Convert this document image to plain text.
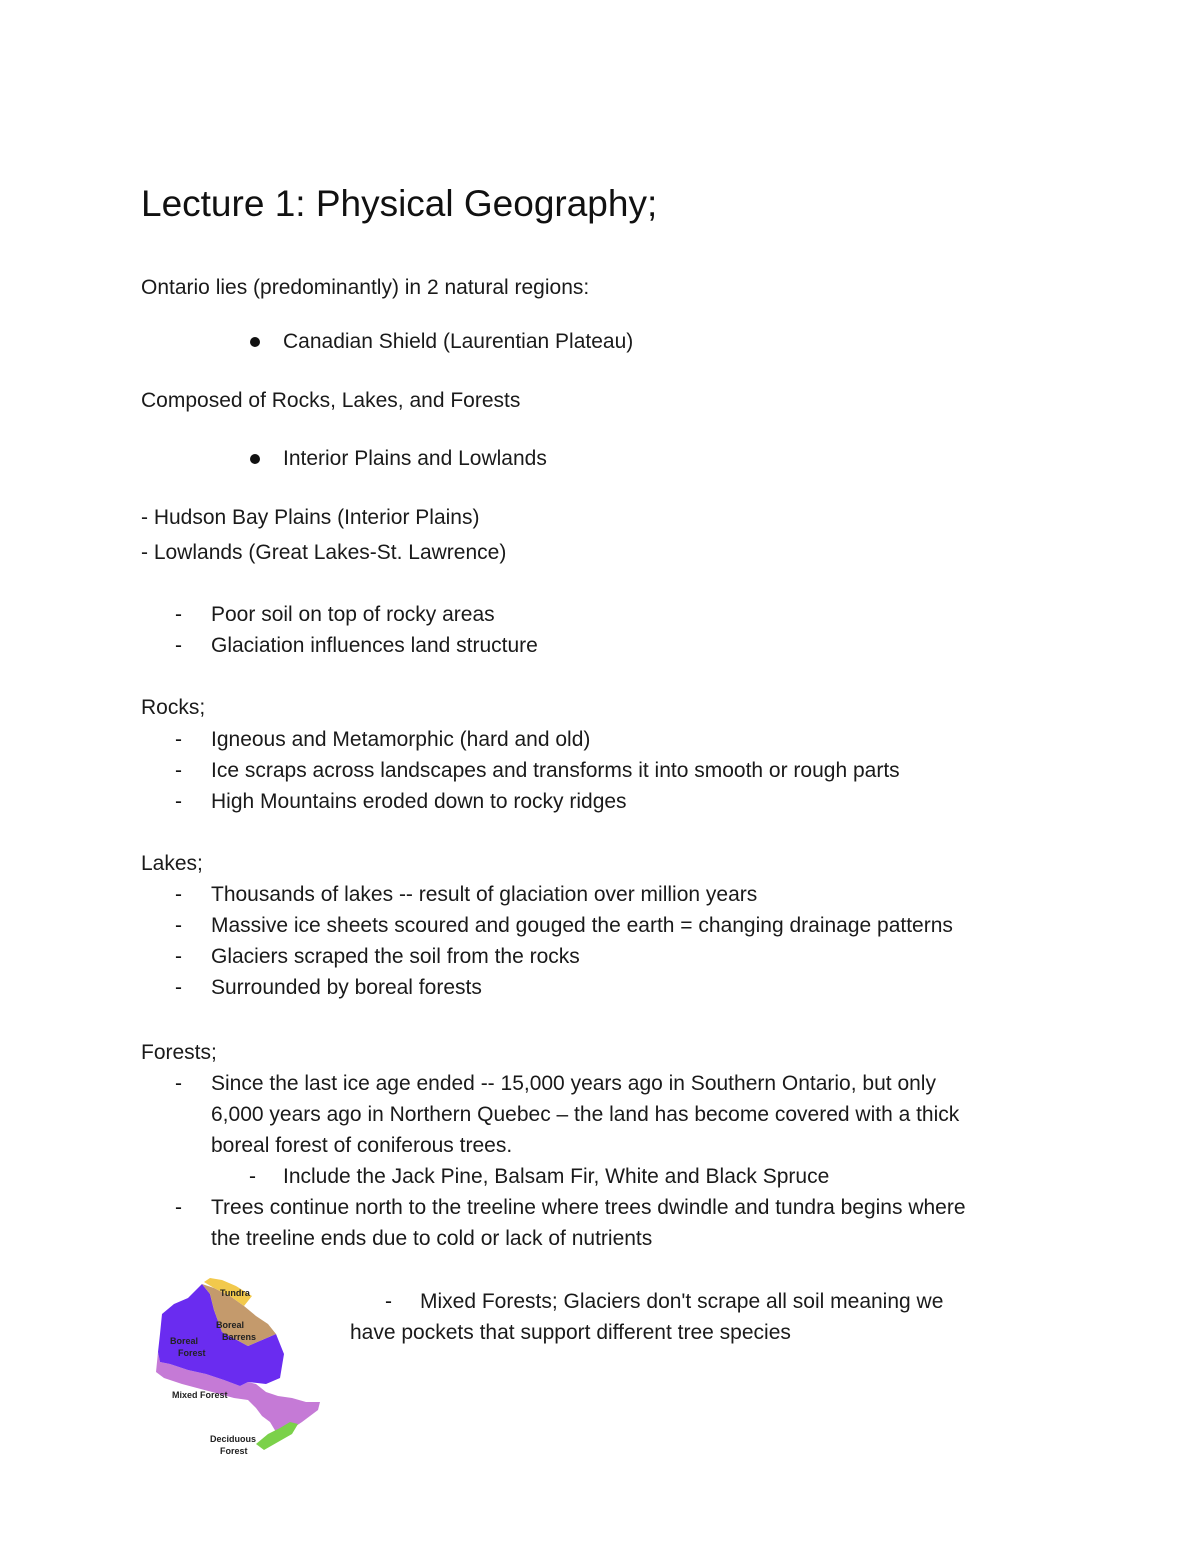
Lecture 1: Physical Geography;
Ontario lies (predominantly) in 2 natural regions:
Canadian Shield (Laurentian Plateau)
Composed of Rocks, Lakes, and Forests
Interior Plains and Lowlands
- Hudson Bay Plains (Interior Plains)
- Lowlands (Great Lakes-St. Lawrence)
- Poor soil on top of rocky areas
- Glaciation influences land structure
Rocks;
- Igneous and Metamorphic (hard and old)
- Ice scraps across landscapes and transforms it into smooth or rough parts
- High Mountains eroded down to rocky ridges
Lakes;
- Thousands of lakes -- result of glaciation over million years
- Massive ice sheets scoured and gouged the earth = changing drainage patterns
- Glaciers scraped the soil from the rocks
- Surrounded by boreal forests
Forests;
- Since the last ice age ended -- 15,000 years ago in Southern Ontario, but only
6,000 years ago in Northern Quebec – the land has become covered with a thick
boreal forest of coniferous trees.
- Include the Jack Pine, Balsam Fir, White and Black Spruce
- Trees continue north to the treeline where trees dwindle and tundra begins where
the treeline ends due to cold or lack of nutrients
- Mixed Forests; Glaciers don't scrape all soil meaning we
have pockets that support different tree species
Tundra
Boreal
Barrens
Boreal
Forest
Mixed Forest
Deciduous
Forest
